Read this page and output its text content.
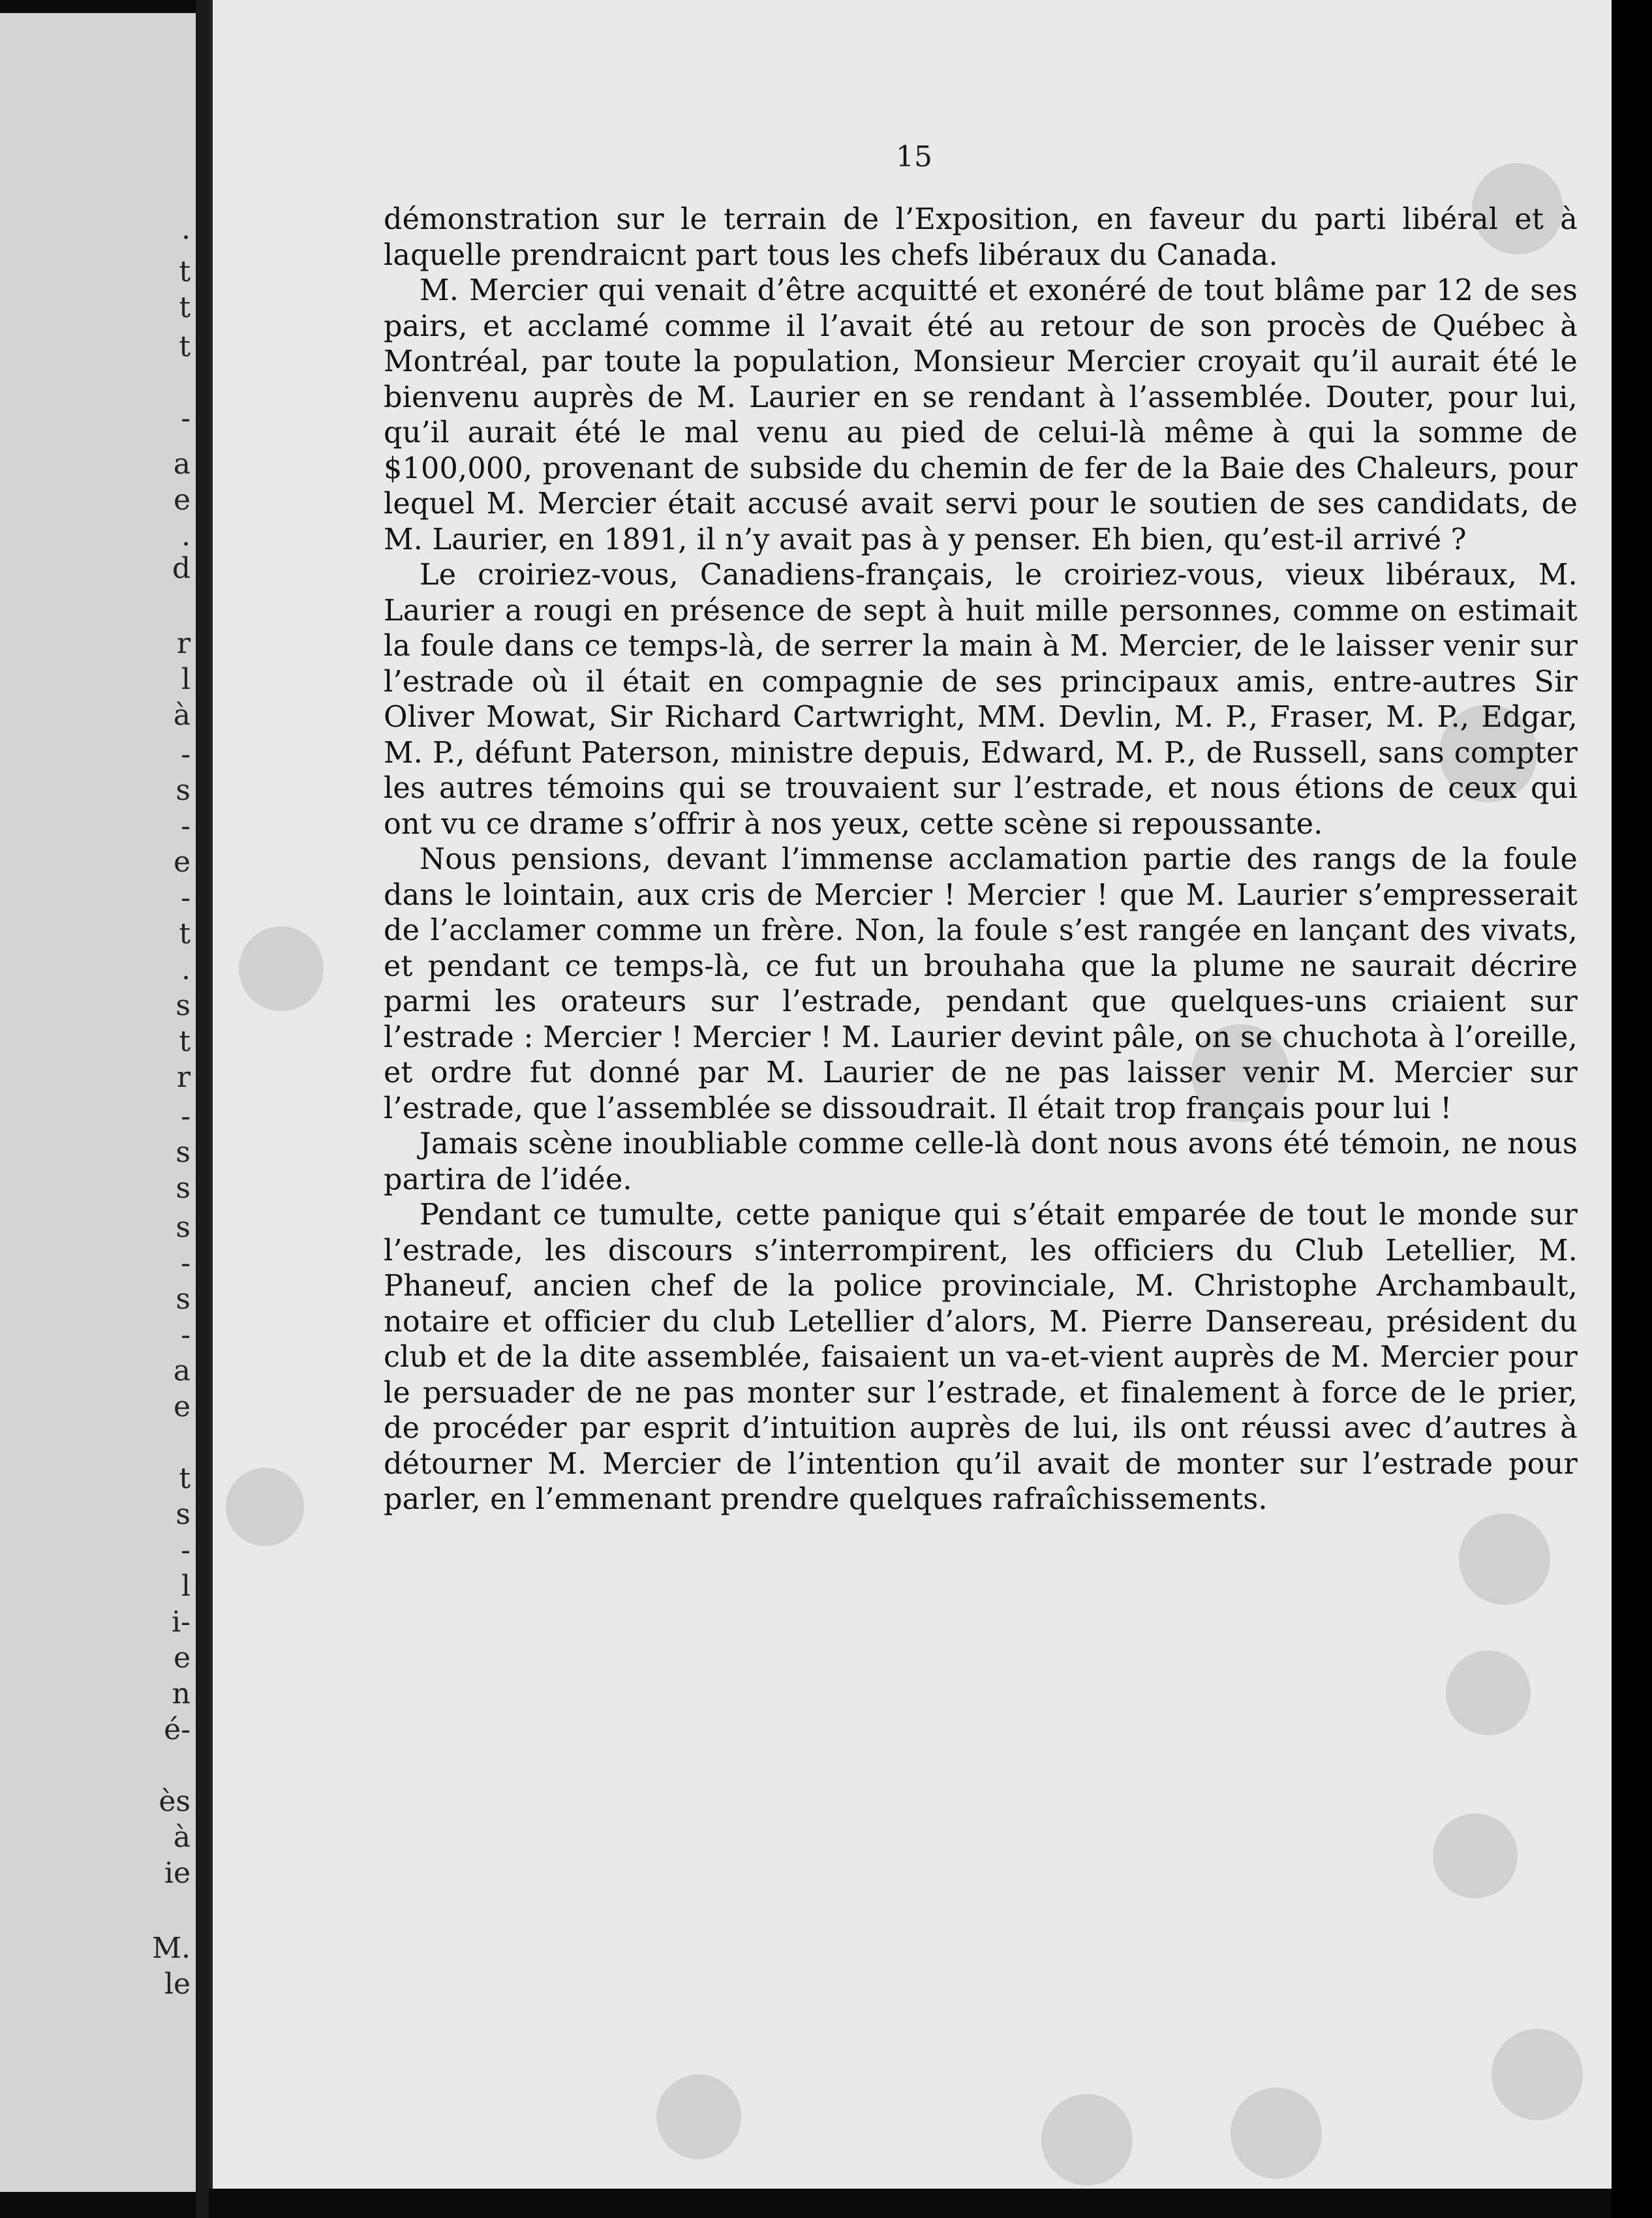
.
t
t
t
-
a
e
.
d
r
l
à
-
s
-
e
-
t
.
s
t
r
-
s
s
s
-
s
-
a
e
t
s
-
l
i-
e
n
é-
ès
à
ie
M.
le
15

démonstration sur le terrain de l’Exposition, en faveur du parti libéral et à laquelle prendraicnt part tous les chefs libéraux du Canada.

M. Mercier qui venait d’être acquitté et exonéré de tout blâme par 12 de ses pairs, et acclamé comme il l’avait été au retour de son procès de Québec à Montréal, par toute la population, Monsieur Mercier croyait qu’il aurait été le bienvenu auprès de M. Laurier en se rendant à l’assemblée. Douter, pour lui, qu’il aurait été le mal venu au pied de celui-là même à qui la somme de $100,000, provenant de subside du chemin de fer de la Baie des Chaleurs, pour lequel M. Mercier était accusé avait servi pour le soutien de ses candidats, de M. Laurier, en 1891, il n’y avait pas à y penser. Eh bien, qu’est-il arrivé ?

Le croiriez-vous, Canadiens-français, le croiriez-vous, vieux libéraux, M. Laurier a rougi en présence de sept à huit mille personnes, comme on estimait la foule dans ce temps-là, de serrer la main à M. Mercier, de le laisser venir sur l’estrade où il était en compagnie de ses principaux amis, entre-autres Sir Oliver Mowat, Sir Richard Cartwright, MM. Devlin, M. P., Fraser, M. P., Edgar, M. P., défunt Paterson, ministre depuis, Edward, M. P., de Russell, sans compter les autres témoins qui se trouvaient sur l’estrade, et nous étions de ceux qui ont vu ce drame s’offrir à nos yeux, cette scène si repoussante.

Nous pensions, devant l’immense acclamation partie des rangs de la foule dans le lointain, aux cris de Mercier ! Mercier ! que M. Laurier s’empresserait de l’acclamer comme un frère. Non, la foule s’est rangée en lançant des vivats, et pendant ce temps-là, ce fut un brouhaha que la plume ne saurait décrire parmi les orateurs sur l’estrade, pendant que quelques-uns criaient sur l’estrade : Mercier ! Mercier ! M. Laurier devint pâle, on se chuchota à l’oreille, et ordre fut donné par M. Laurier de ne pas laisser venir M. Mercier sur l’estrade, que l’assemblée se dissoudrait. Il était trop français pour lui !

Jamais scène inoubliable comme celle-là dont nous avons été témoin, ne nous partira de l’idée.

Pendant ce tumulte, cette panique qui s’était emparée de tout le monde sur l’estrade, les discours s’interrompirent, les officiers du Club Letellier, M. Phaneuf, ancien chef de la police provinciale, M. Christophe Archambault, notaire et officier du club Letellier d’alors, M. Pierre Dansereau, président du club et de la dite assemblée, faisaient un va-et-vient auprès de M. Mercier pour le persuader de ne pas monter sur l’estrade, et finalement à force de le prier, de procéder par esprit d’intuition auprès de lui, ils ont réussi avec d’autres à détourner M. Mercier de l’intention qu’il avait de monter sur l’estrade pour parler, en l’emmenant prendre quelques rafraîchissements.
